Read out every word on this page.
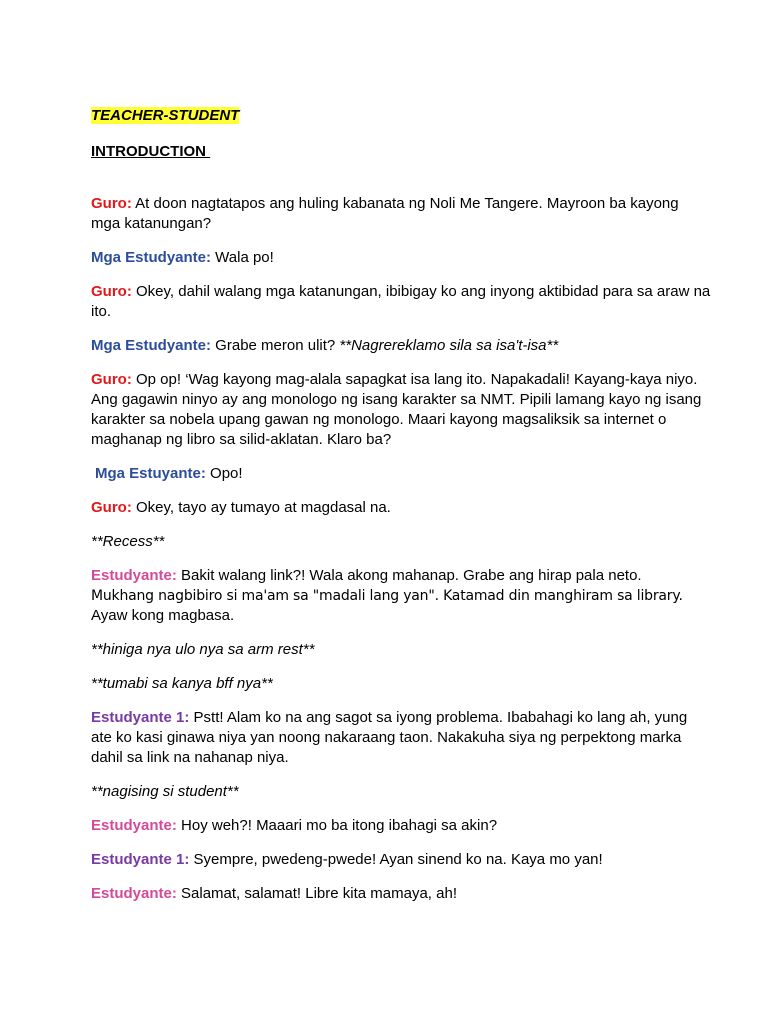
TEACHER-STUDENT
INTRODUCTION
Guro: At doon nagtatapos ang huling kabanata ng Noli Me Tangere. Mayroon ba kayong mga katanungan?
Mga Estudyante: Wala po!
Guro: Okey, dahil walang mga katanungan, ibibigay ko ang inyong aktibidad para sa araw na ito.
Mga Estudyante: Grabe meron ulit? **Nagrereklamo sila sa isa't-isa**
Guro: Op op! ‘Wag kayong mag-alala sapagkat isa lang ito. Napakadali! Kayang-kaya niyo. Ang gagawin ninyo ay ang monologo ng isang karakter sa NMT. Pipili lamang kayo ng isang karakter sa nobela upang gawan ng monologo. Maari kayong magsaliksik sa internet o maghanap ng libro sa silid-aklatan. Klaro ba?
Mga Estuyante: Opo!
Guro: Okey, tayo ay tumayo at magdasal na.
**Recess**
Estudyante: Bakit walang link?! Wala akong mahanap. Grabe ang hirap pala neto.
Mukhang nagbibiro si ma'am sa "madali lang yan". Katamad din manghiram sa library.
Ayaw kong magbasa.
**hiniga nya ulo nya sa arm rest**
**tumabi sa kanya bff nya**
Estudyante 1: Pstt! Alam ko na ang sagot sa iyong problema. Ibabahagi ko lang ah, yung ate ko kasi ginawa niya yan noong nakaraang taon. Nakakuha siya ng perpektong marka dahil sa link na nahanap niya.
**nagising si student**
Estudyante: Hoy weh?! Maaari mo ba itong ibahagi sa akin?
Estudyante 1: Syempre, pwedeng-pwede! Ayan sinend ko na. Kaya mo yan!
Estudyante: Salamat, salamat! Libre kita mamaya, ah!
